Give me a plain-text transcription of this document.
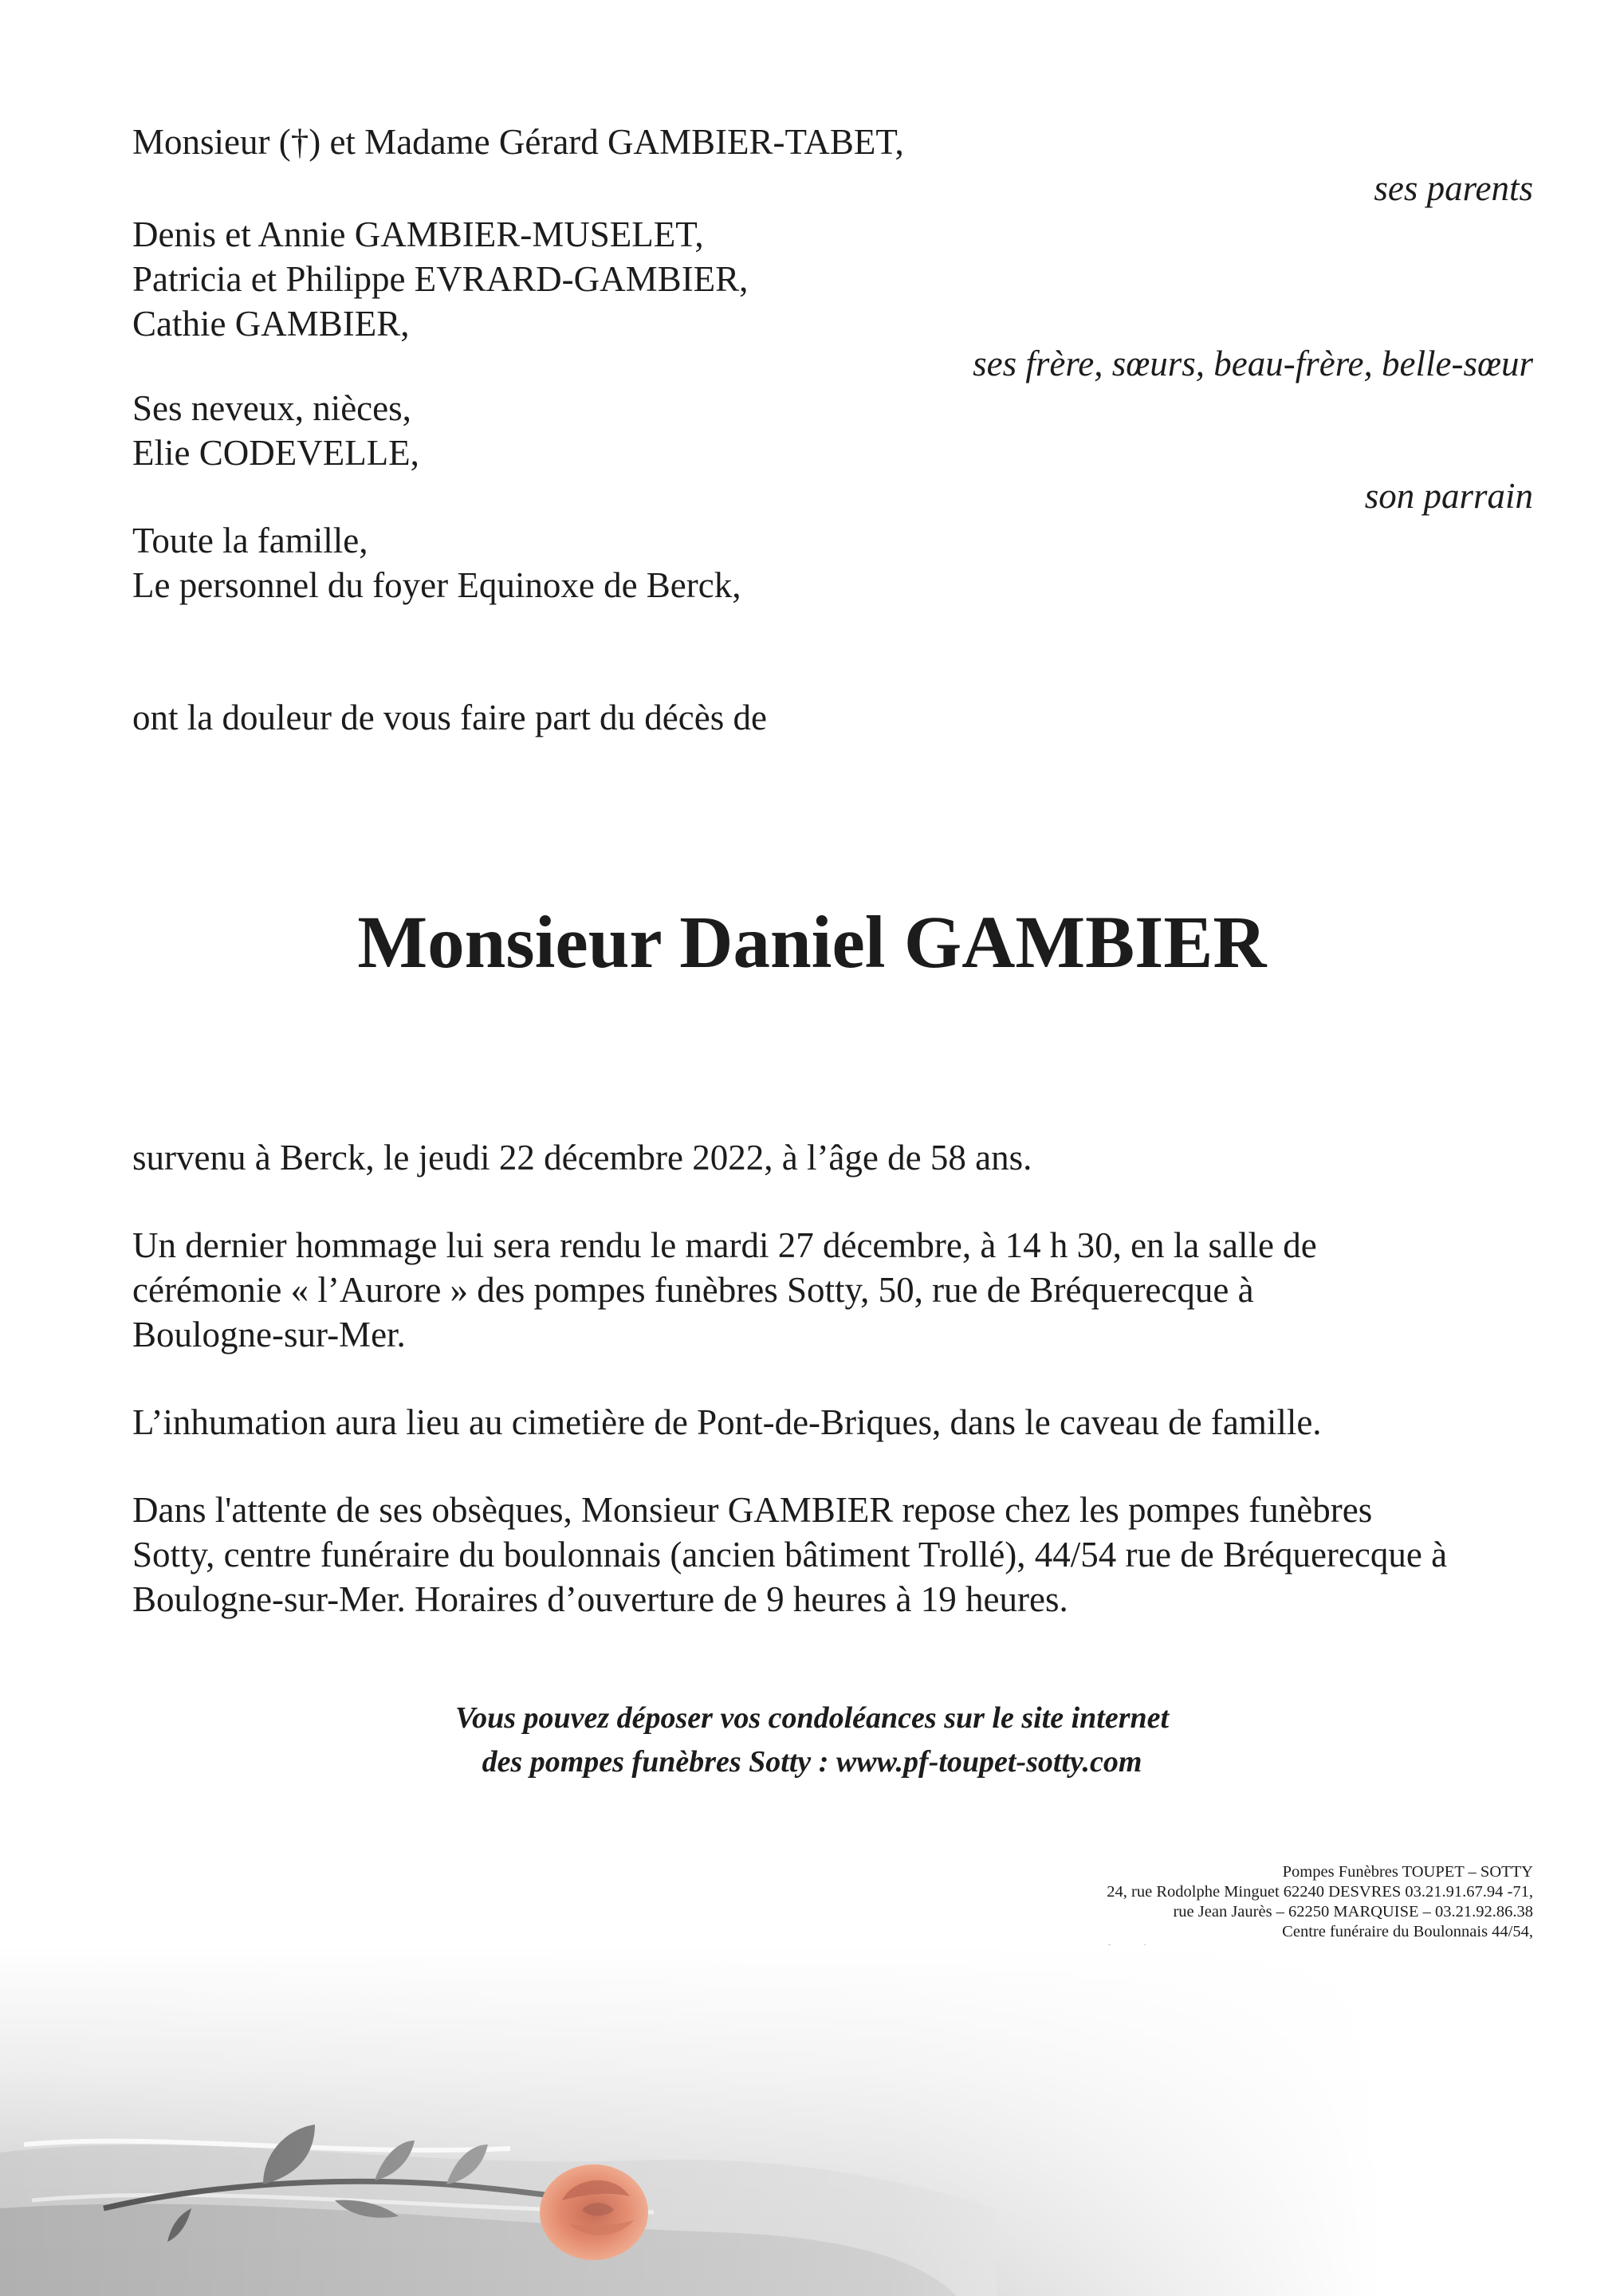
Monsieur (†) et Madame Gérard GAMBIER-TABET,
ses parents
Denis et Annie GAMBIER-MUSELET,
Patricia et Philippe EVRARD-GAMBIER,
Cathie GAMBIER,
ses frère, sœurs, beau-frère, belle-sœur
Ses neveux, nièces,
Elie CODEVELLE,
son parrain
Toute la famille,
Le personnel du foyer Equinoxe de Berck,
ont la douleur de vous faire part du décès de
Monsieur Daniel GAMBIER
survenu à Berck, le jeudi 22 décembre 2022, à l’âge de 58 ans.
Un dernier hommage lui sera rendu le mardi 27 décembre, à 14 h 30, en la salle de
cérémonie « l’Aurore » des pompes funèbres Sotty, 50, rue de Bréquerecque à
Boulogne-sur-Mer.
L’inhumation aura lieu au cimetière de Pont-de-Briques, dans le caveau de famille.
Dans l'attente de ses obsèques, Monsieur GAMBIER repose chez les pompes funèbres
Sotty, centre funéraire du boulonnais (ancien bâtiment Trollé), 44/54 rue de Bréquerecque à
Boulogne-sur-Mer. Horaires d’ouverture de 9 heures à 19 heures.
Vous pouvez déposer vos condoléances sur le site internet
des pompes funèbres Sotty : www.pf-toupet-sotty.com
Pompes Funèbres TOUPET – SOTTY
24, rue Rodolphe Minguet 62240 DESVRES 03.21.91.67.94 -71,
rue Jean Jaurès – 62250 MARQUISE – 03.21.92.86.38
Centre funéraire du Boulonnais 44/54,
